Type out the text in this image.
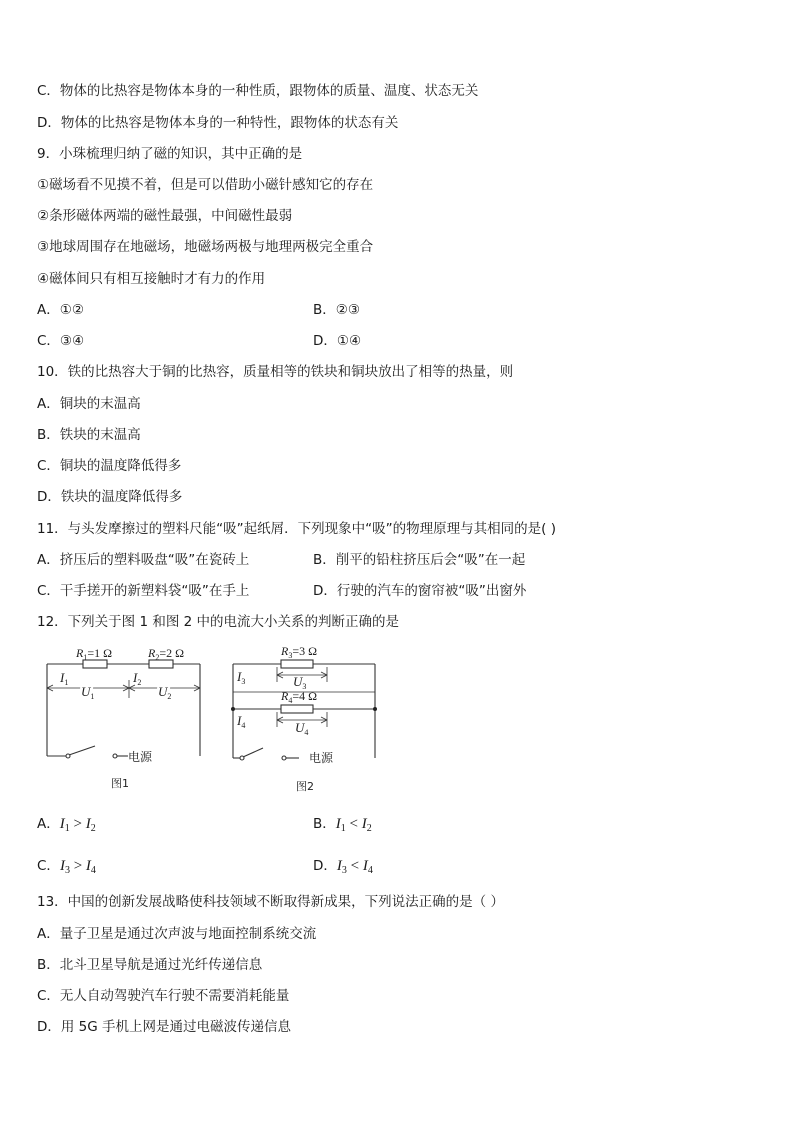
C．物体的比热容是物体本身的一种性质，跟物体的质量、温度、状态无关
D．物体的比热容是物体本身的一种特性，跟物体的状态有关
9．小珠梳理归纳了磁的知识，其中正确的是
①磁场看不见摸不着，但是可以借助小磁针感知它的存在
②条形磁体两端的磁性最强，中间磁性最弱
③地球周围存在地磁场，地磁场两极与地理两极完全重合
④磁体间只有相互接触时才有力的作用
A．①②	B．②③
C．③④	D．①④
10．铁的比热容大于铜的比热容，质量相等的铁块和铜块放出了相等的热量，则
A．铜块的末温高
B．铁块的末温高
C．铜块的温度降低得多
D．铁块的温度降低得多
11．与头发摩擦过的塑料尺能“吸”起纸屑．下列现象中“吸”的物理原理与其相同的是( )
A．挤压后的塑料吸盘“吸”在瓷砖上	B．削平的铅柱挤压后会“吸”在一起
C．干手搓开的新塑料袋“吸”在手上	D．行驶的汽车的窗帘被“吸”出窗外
12．下列关于图 1 和图 2 中的电流大小关系的判断正确的是
$R_1=1$ Ω	$R_2=2$ Ω
$I_1$	$I_2$
$U_1$	$U_2$
电源
图1
$R_3=3$ Ω
$R_4=4$ Ω
$I_3$
$I_4$
$U_3$
$U_4$
电源
图2
A．$I_1 > I_2$	B．$I_1 < I_2$
C．$I_3 > I_4$	D．$I_3 < I_4$
13．中国的创新发展战略使科技领域不断取得新成果，下列说法正确的是（ ）
A．量子卫星是通过次声波与地面控制系统交流
B．北斗卫星导航是通过光纤传递信息
C．无人自动驾驶汽车行驶不需要消耗能量
D．用 5G 手机上网是通过电磁波传递信息
